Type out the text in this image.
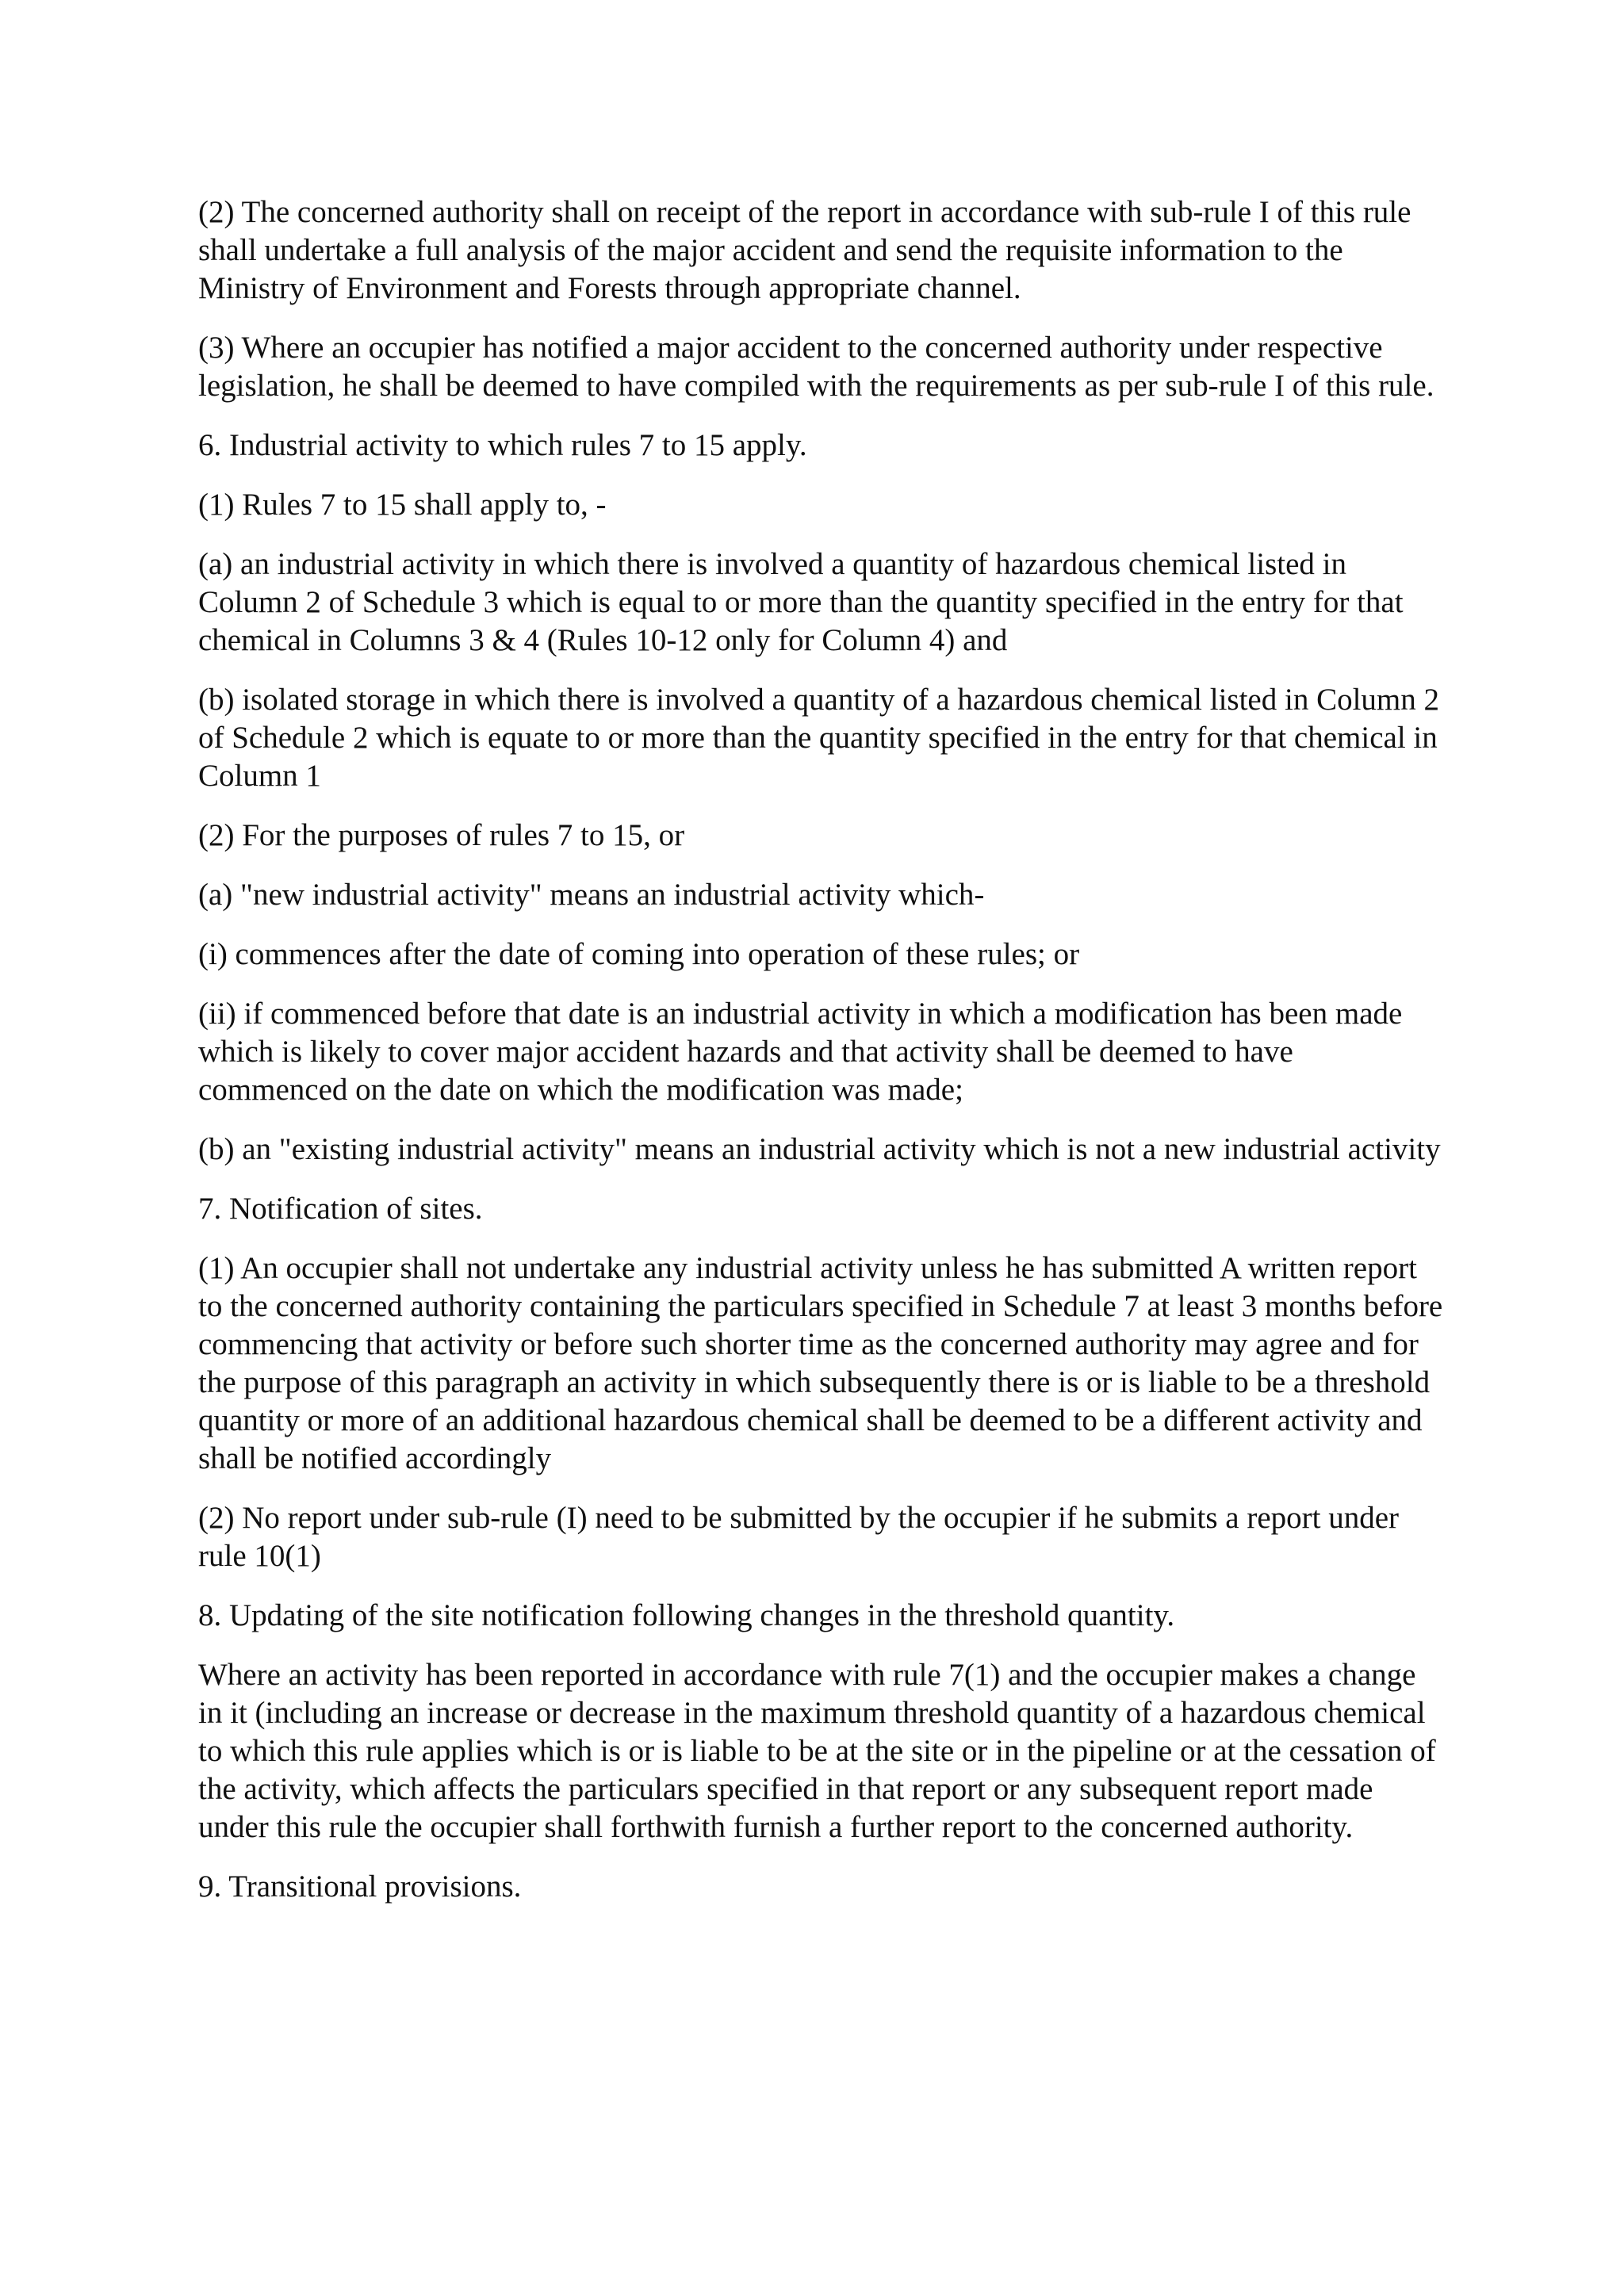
(2) The concerned authority shall on receipt of the report in accordance with sub-rule I of this rule shall undertake a full analysis of the major accident and send the requisite information to the Ministry of Environment and Forests through appropriate channel.

(3) Where an occupier has notified a major accident to the concerned authority under respective legislation, he shall be deemed to have compiled with the requirements as per sub-rule I of this rule.

6. Industrial activity to which rules 7 to 15 apply.

(1) Rules 7 to 15 shall apply to, -

(a) an industrial activity in which there is involved a quantity of hazardous chemical listed in Column 2 of Schedule 3 which is equal to or more than the quantity specified in the entry for that chemical in Columns 3 & 4 (Rules 10-12 only for Column 4) and

(b) isolated storage in which there is involved a quantity of a hazardous chemical listed in Column 2 of Schedule 2 which is equate to or more than the quantity specified in the entry for that chemical in Column 1

(2) For the purposes of rules 7 to 15, or

(a) "new industrial activity" means an industrial activity which-

(i) commences after the date of coming into operation of these rules; or

(ii) if commenced before that date is an industrial activity in which a modification has been made which is likely to cover major accident hazards and that activity shall be deemed to have commenced on the date on which the modification was made;

(b) an "existing industrial activity" means an industrial activity which is not a new industrial activity

7. Notification of sites.

(1) An occupier shall not undertake any industrial activity unless he has submitted A written report to the concerned authority containing the particulars specified in Schedule 7 at least 3 months before commencing that activity or before such shorter time as the concerned authority may agree and for the purpose of this paragraph an activity in which subsequently there is or is liable to be a threshold quantity or more of an additional hazardous chemical shall be deemed to be a different activity and shall be notified accordingly

(2) No report under sub-rule (I) need to be submitted by the occupier if he submits a report under rule 10(1)

8. Updating of the site notification following changes in the threshold quantity.

Where an activity has been reported in accordance with rule 7(1) and the occupier makes a change in it (including an increase or decrease in the maximum threshold quantity of a hazardous chemical to which this rule applies which is or is liable to be at the site or in the pipeline or at the cessation of the activity, which affects the particulars specified in that report or any subsequent report made under this rule the occupier shall forthwith furnish a further report to the concerned authority.

9. Transitional provisions.
